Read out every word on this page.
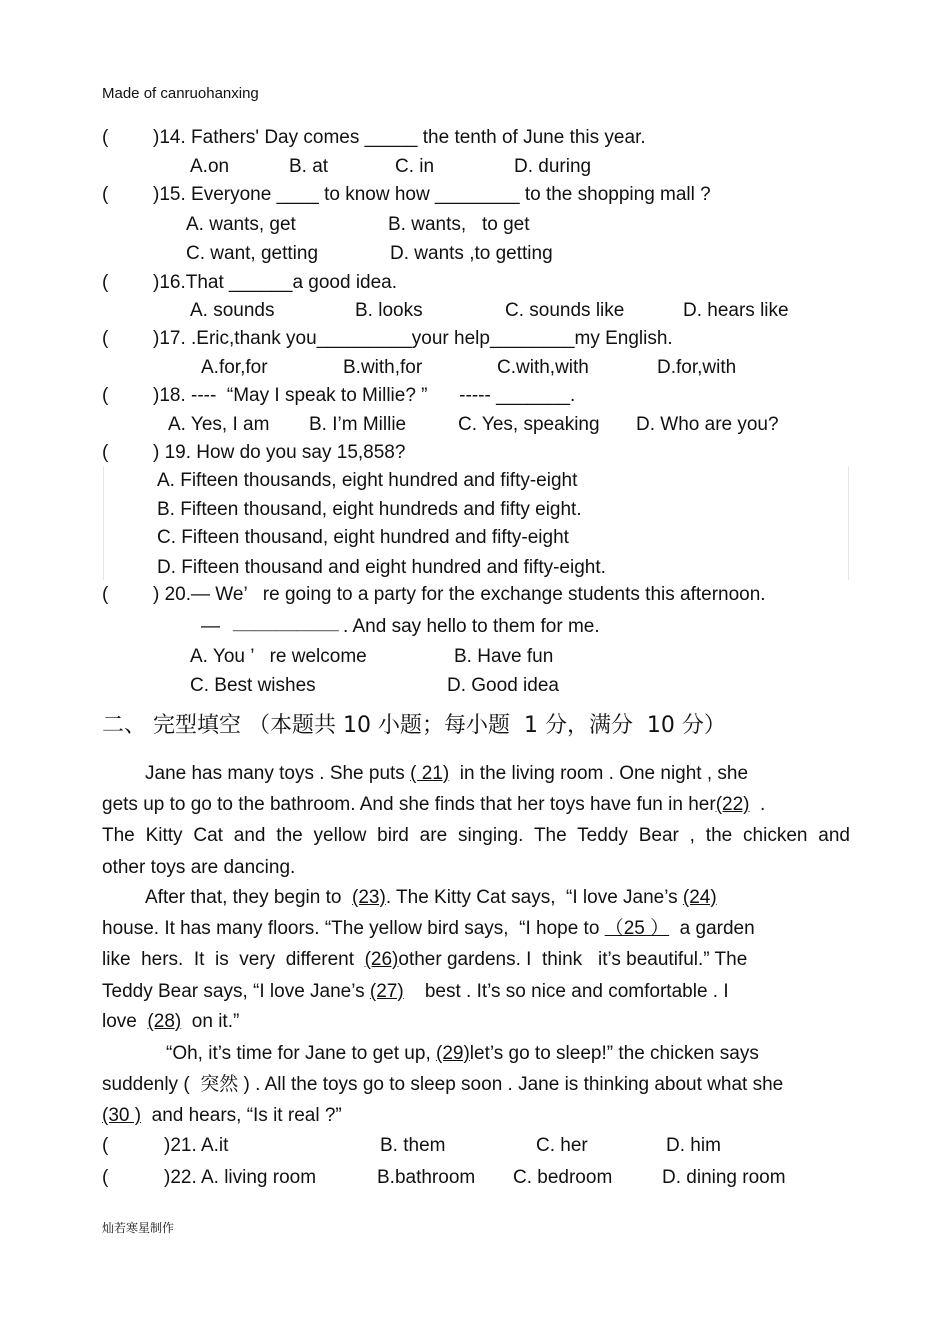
Made of canruohanxing
( )14. Fathers' Day comes _____ the tenth of June this year.
A.on	B. at	C. in	D. during
( )15. Everyone ____ to know how ________ to the shopping mall ?
A. wants, get	B. wants,   to get
C. want, getting	D. wants ,to getting
( )16.That ______a good idea.
A. sounds	B. looks	C. sounds like	D. hears like
( )17. .Eric,thank you_________your help________my English.
A.for,for	B.with,for	C.with,with	D.for,with
( )18. ----  “May I speak to Millie? ”      ----- _______.
A. Yes, I am B. I’m Millie	C. Yes, speaking D. Who are you?
( ) 19. How do you say 15,858?
A. Fifteen thousands, eight hundred and fifty-eight
B. Fifteen thousand, eight hundreds and fifty eight.
C. Fifteen thousand, eight hundred and fifty-eight
D. Fifteen thousand and eight hundred and fifty-eight.
( ) 20.— We’   re going to a party for the exchange students this afternoon.
— __________ . And say hello to them for me.
A. You ’   re welcome	B. Have fun
C. Best wishes	D. Good idea
二、 完型填空 （本题共 10 小题；每小题  1 分，满分  10 分）
Jane has many toys . She puts ( 21)  in the living room . One night , she
gets up to go to the bathroom. And she finds that her toys have fun in her(22)  .
The Kitty Cat and the yellow bird are singing. The Teddy Bear , the chicken and
other toys are dancing.
After that, they begin to  (23). The Kitty Cat says,  “I love Jane’s (24)
house. It has many floors. “The yellow bird says,  “I hope to （25 ）  a garden
like  hers.  It  is  very  different  (26)other gardens. I  think   it’s beautiful.” The
Teddy Bear says, “I love Jane’s (27)    best . It’s so nice and comfortable . I
love  (28)  on it.”
“Oh, it’s time for Jane to get up, (29)let’s go to sleep!” the chicken says
suddenly (  突然 ) . All the toys go to sleep soon . Jane is thinking about what she
(30 )  and hears, “Is it real ?”
(	)21. A.it	B. them	C. her	D. him
(	)22. A. living room	B.bathroom C. bedroom	D. dining room
灿若寒星制作
